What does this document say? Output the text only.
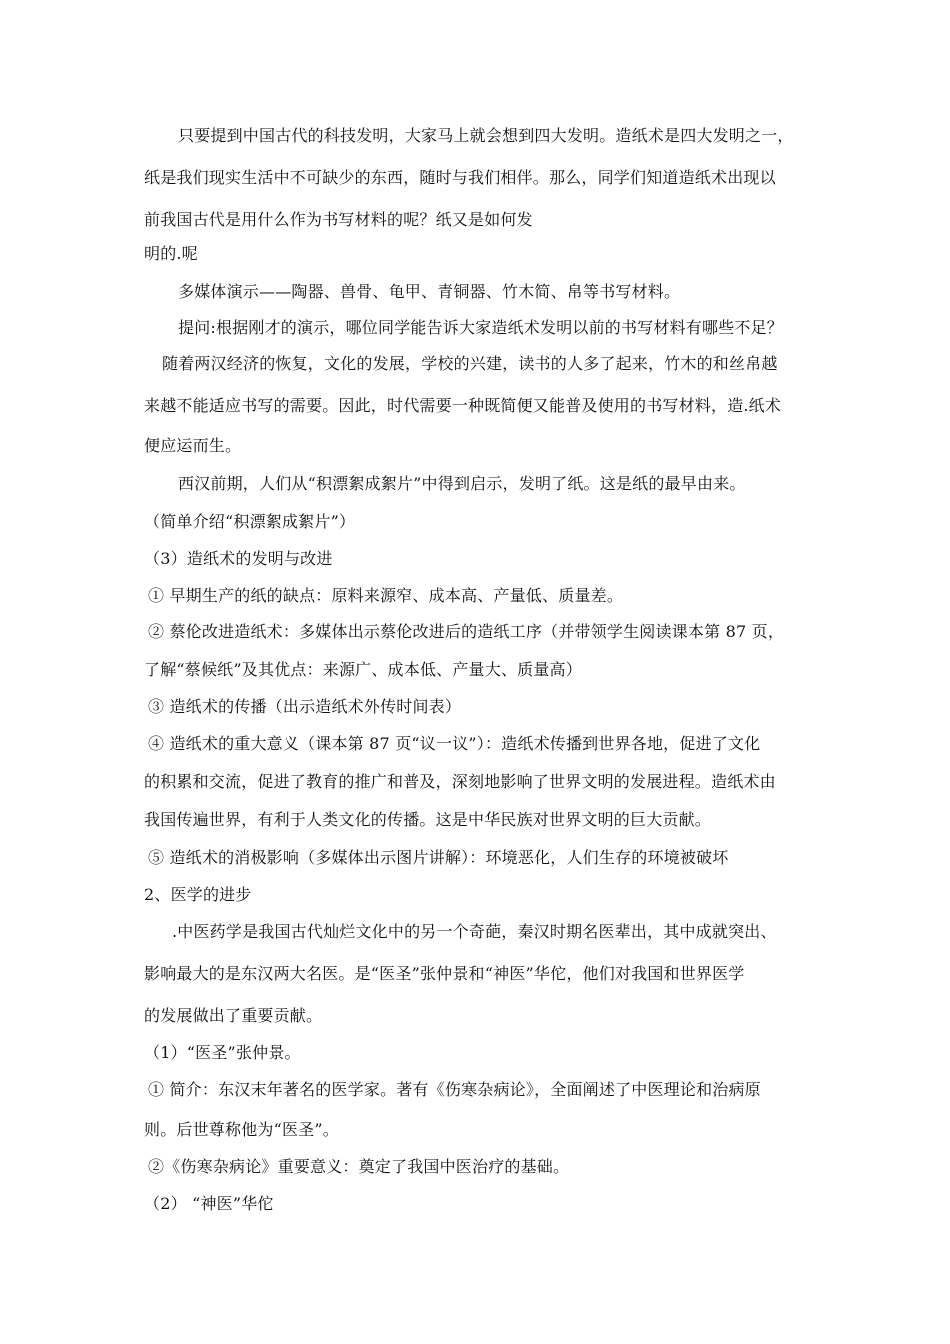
只要提到中国古代的科技发明，大家马上就会想到四大发明。造纸术是四大发明之一，
纸是我们现实生活中不可缺少的东西，随时与我们相伴。那么，同学们知道造纸术出现以
前我国古代是用什么作为书写材料的呢？纸又是如何发
明的.呢
多媒体演示——陶器、兽骨、龟甲、青铜器、竹木简、帛等书写材料。
提问:根据刚才的演示，哪位同学能告诉大家造纸术发明以前的书写材料有哪些不足？
随着两汉经济的恢复，文化的发展，学校的兴建，读书的人多了起来，竹木的和丝帛越
来越不能适应书写的需要。因此，时代需要一种既简便又能普及使用的书写材料，造.纸术
便应运而生。
西汉前期，人们从“积漂絮成絮片”中得到启示，发明了纸。这是纸的最早由来。
（简单介绍“积漂絮成絮片”）
（3）造纸术的发明与改进
① 早期生产的纸的缺点：原料来源窄、成本高、产量低、质量差。
② 蔡伦改进造纸术：多媒体出示蔡伦改进后的造纸工序（并带领学生阅读课本第 87 页，
了解“蔡候纸”及其优点：来源广、成本低、产量大、质量高）
③ 造纸术的传播（出示造纸术外传时间表）
④ 造纸术的重大意义（课本第 87 页“议一议”）：造纸术传播到世界各地，促进了文化
的积累和交流，促进了教育的推广和普及，深刻地影响了世界文明的发展进程。造纸术由
我国传遍世界，有利于人类文化的传播。这是中华民族对世界文明的巨大贡献。
⑤ 造纸术的消极影响（多媒体出示图片讲解）：环境恶化，人们生存的环境被破坏
2、医学的进步
.中医药学是我国古代灿烂文化中的另一个奇葩，秦汉时期名医辈出，其中成就突出、
影响最大的是东汉两大名医。是“医圣”张仲景和“神医”华佗，他们对我国和世界医学
的发展做出了重要贡献。
（1）“医圣”张仲景。
① 简介：东汉末年著名的医学家。著有《伤寒杂病论》，全面阐述了中医理论和治病原
则。后世尊称他为“医圣”。
②《伤寒杂病论》重要意义：奠定了我国中医治疗的基础。
（2） “神医”华佗
